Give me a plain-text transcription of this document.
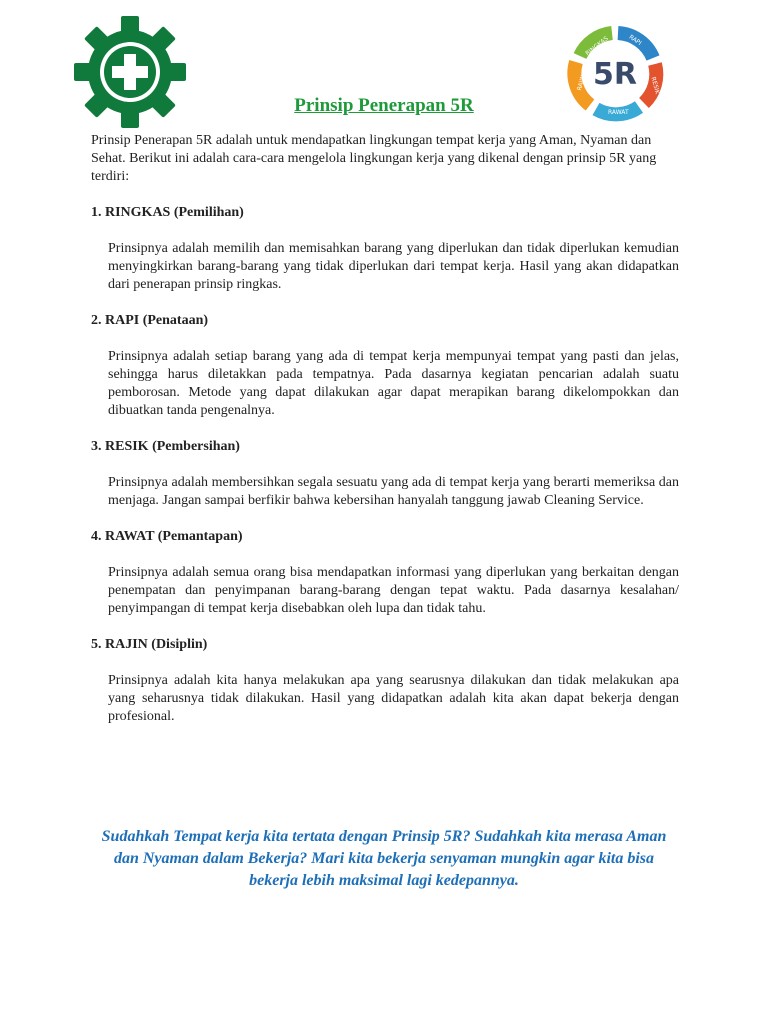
RINGKAS	RAPI
RESIK
RAWAT
RAJIN 5R
Prinsip Penerapan 5R

Prinsip Penerapan 5R adalah untuk mendapatkan lingkungan tempat kerja yang Aman, Nyaman dan Sehat. Berikut ini adalah cara-cara mengelola lingkungan kerja yang dikenal dengan prinsip 5R yang terdiri:

1. RINGKAS (Pemilihan)

Prinsipnya adalah memilih dan memisahkan barang yang diperlukan dan tidak diperlukan kemudian menyingkirkan barang-barang yang tidak diperlukan dari tempat kerja. Hasil yang akan didapatkan dari penerapan prinsip ringkas.

2. RAPI (Penataan)

Prinsipnya adalah setiap barang yang ada di tempat kerja mempunyai tempat yang pasti dan jelas, sehingga harus diletakkan pada tempatnya. Pada dasarnya kegiatan pencarian adalah suatu pemborosan. Metode yang dapat dilakukan agar dapat merapikan barang dikelompokkan dan dibuatkan tanda pengenalnya.

3. RESIK (Pembersihan)

Prinsipnya adalah membersihkan segala sesuatu yang ada di tempat kerja yang berarti memeriksa dan menjaga. Jangan sampai berfikir bahwa kebersihan hanyalah tanggung jawab Cleaning Service.

4. RAWAT (Pemantapan)

Prinsipnya adalah semua orang bisa mendapatkan informasi yang diperlukan yang berkaitan dengan penempatan dan penyimpanan barang-barang dengan tepat waktu. Pada dasarnya kesalahan/ penyimpangan di tempat kerja disebabkan oleh lupa dan tidak tahu.

5. RAJIN (Disiplin)

Prinsipnya adalah kita hanya melakukan apa yang searusnya dilakukan dan tidak melakukan apa yang seharusnya tidak dilakukan. Hasil yang didapatkan adalah kita akan dapat bekerja dengan profesional.

Sudahkah Tempat kerja kita tertata dengan Prinsip 5R? Sudahkah kita merasa Aman dan Nyaman dalam Bekerja? Mari kita bekerja senyaman mungkin agar kita bisa bekerja lebih maksimal lagi kedepannya.
